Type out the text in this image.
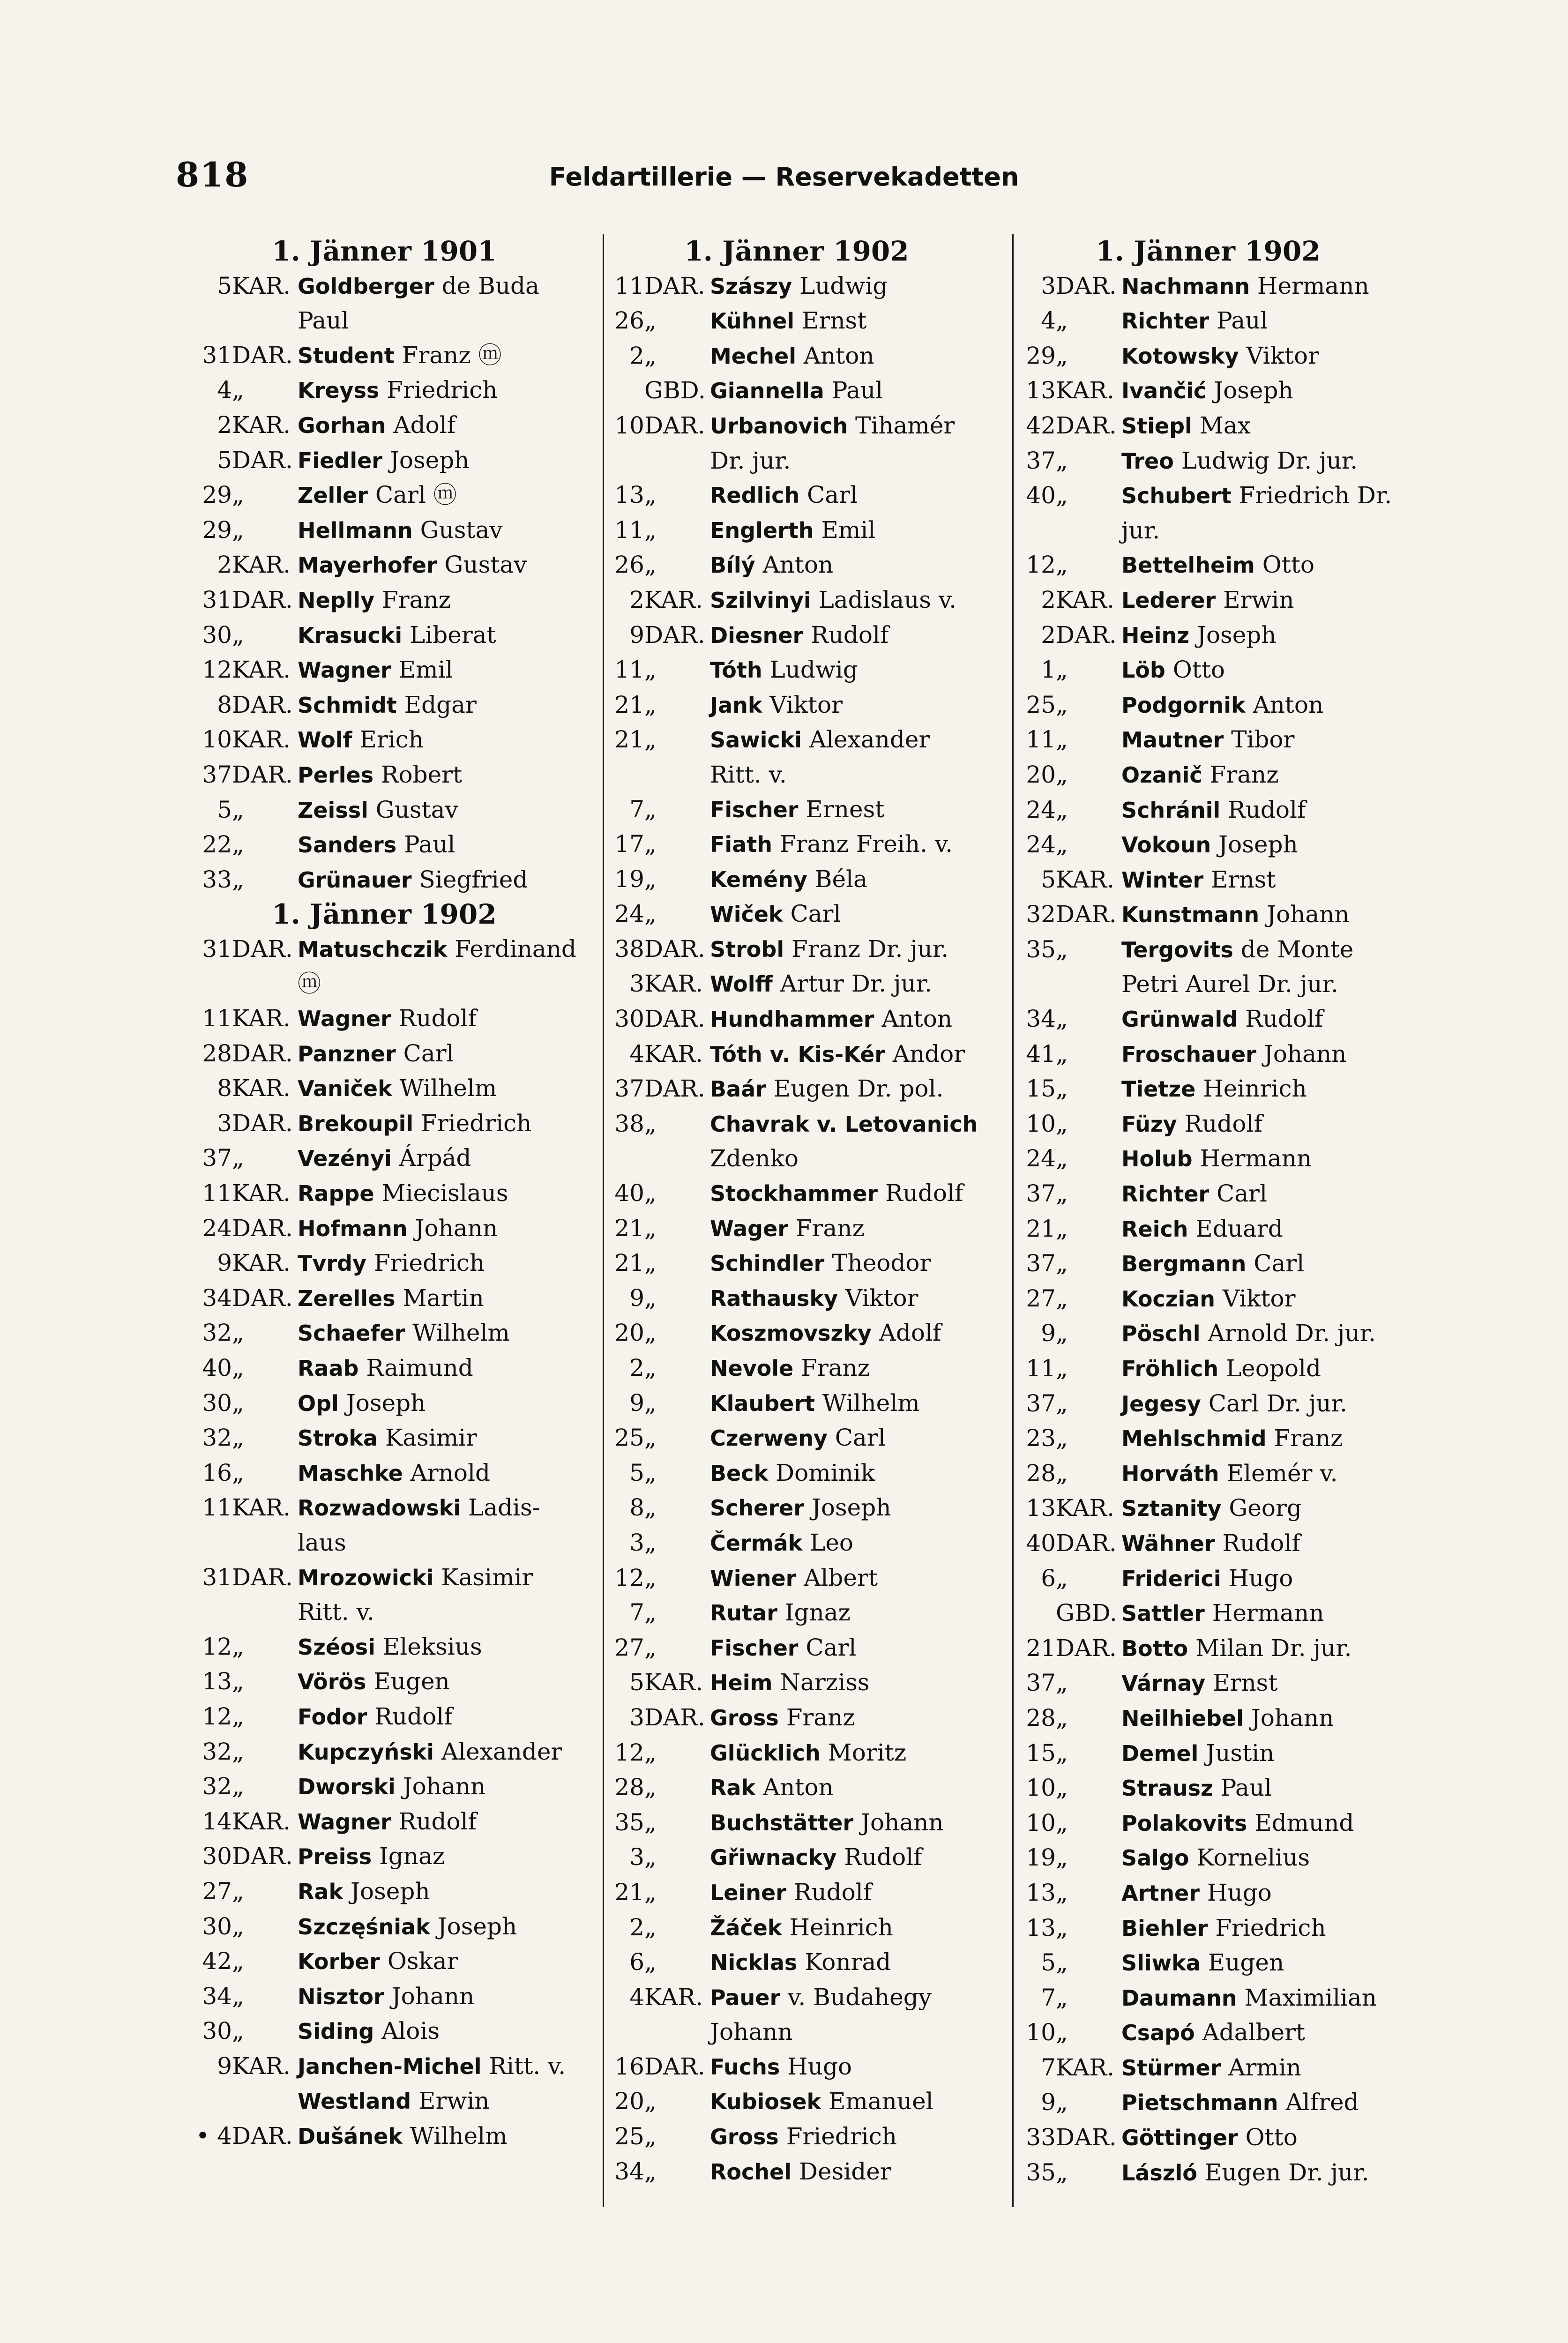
818	Feldartillerie — Reservekadetten
1. Jänner 1901
5 KAR. Goldberger de Buda
Paul
31 DAR. Student Franz ⓜ
4 „	Kreyss Friedrich
2 KAR. Gorhan Adolf
5 DAR. Fiedler Joseph
29 „	Zeller Carl ⓜ
29 „	Hellmann Gustav
2 KAR. Mayerhofer Gustav
31 DAR. Neplly Franz
30 „	Krasucki Liberat
12 KAR. Wagner Emil
8 DAR. Schmidt Edgar
10 KAR. Wolf Erich
37 DAR. Perles Robert
5 „	Zeissl Gustav
22 „	Sanders Paul
33 „	Grünauer Siegfried
1. Jänner 1902
31 DAR. Matuschczik Ferdinand
ⓜ
11 KAR. Wagner Rudolf
28 DAR. Panzner Carl
8 KAR. Vaniček Wilhelm
3 DAR. Brekoupil Friedrich
37 „	Vezényi Árpád
11 KAR. Rappe Miecislaus
24 DAR. Hofmann Johann
9 KAR. Tvrdy Friedrich
34 DAR. Zerelles Martin
32 „	Schaefer Wilhelm
40 „	Raab Raimund
30 „	Opl Joseph
32 „	Stroka Kasimir
16 „	Maschke Arnold
11 KAR. Rozwadowski Ladis-
laus
31 DAR. Mrozowicki Kasimir
Ritt. v.
12 „	Széosi Eleksius
13 „	Vörös Eugen
12 „	Fodor Rudolf
32 „	Kupczyński Alexander
32 „	Dworski Johann
14 KAR. Wagner Rudolf
30 DAR. Preiss Ignaz
27 „	Rak Joseph
30 „	Szczęśniak Joseph
42 „	Korber Oskar
34 „	Nisztor Johann
30 „	Siding Alois
9 KAR. Janchen-Michel Ritt. v.
Westland Erwin
• 4 DAR. Dušánek Wilhelm
1. Jänner 1902
11 DAR. Szászy Ludwig
26 „	Kühnel Ernst
2 „	Mechel Anton
GBD. Giannella Paul
10 DAR. Urbanovich Tihamér
Dr. jur.
13 „	Redlich Carl
11 „	Englerth Emil
26 „	Bílý Anton
2 KAR. Szilvinyi Ladislaus v.
9 DAR. Diesner Rudolf
11 „	Tóth Ludwig
21 „	Jank Viktor
21 „	Sawicki Alexander
Ritt. v.
7 „	Fischer Ernest
17 „	Fiath Franz Freih. v.
19 „	Kemény Béla
24 „	Wiček Carl
38 DAR. Strobl Franz Dr. jur.
3 KAR. Wolff Artur Dr. jur.
30 DAR. Hundhammer Anton
4 KAR. Tóth v. Kis-Kér Andor
37 DAR. Baár Eugen Dr. pol.
38 „	Chavrak v. Letovanich
Zdenko
40 „	Stockhammer Rudolf
21 „	Wager Franz
21 „	Schindler Theodor
9 „	Rathausky Viktor
20 „	Koszmovszky Adolf
2 „	Nevole Franz
9 „	Klaubert Wilhelm
25 „	Czerweny Carl
5 „	Beck Dominik
8 „	Scherer Joseph
3 „	Čermák Leo
12 „	Wiener Albert
7 „	Rutar Ignaz
27 „	Fischer Carl
5 KAR. Heim Narziss
3 DAR. Gross Franz
12 „	Glücklich Moritz
28 „	Rak Anton
35 „	Buchstätter Johann
3 „	Gřiwnacky Rudolf
21 „	Leiner Rudolf
2 „	Žáček Heinrich
6 „	Nicklas Konrad
4 KAR. Pauer v. Budahegy
Johann
16 DAR. Fuchs Hugo
20 „	Kubiosek Emanuel
25 „	Gross Friedrich
34 „	Rochel Desider
1. Jänner 1902
3 DAR. Nachmann Hermann
4 „	Richter Paul
29 „	Kotowsky Viktor
13 KAR. Ivančić Joseph
42 DAR. Stiepl Max
37 „	Treo Ludwig Dr. jur.
40 „	Schubert Friedrich Dr.
jur.
12 „	Bettelheim Otto
2 KAR. Lederer Erwin
2 DAR. Heinz Joseph
1 „	Löb Otto
25 „	Podgornik Anton
11 „	Mautner Tibor
20 „	Ozanič Franz
24 „	Schránil Rudolf
24 „	Vokoun Joseph
5 KAR. Winter Ernst
32 DAR. Kunstmann Johann
35 „	Tergovits de Monte
Petri Aurel Dr. jur.
34 „	Grünwald Rudolf
41 „	Froschauer Johann
15 „	Tietze Heinrich
10 „	Füzy Rudolf
24 „	Holub Hermann
37 „	Richter Carl
21 „	Reich Eduard
37 „	Bergmann Carl
27 „	Koczian Viktor
9 „	Pöschl Arnold Dr. jur.
11 „	Fröhlich Leopold
37 „	Jegesy Carl Dr. jur.
23 „	Mehlschmid Franz
28 „	Horváth Elemér v.
13 KAR. Sztanity Georg
40 DAR. Wähner Rudolf
6 „	Friderici Hugo
GBD. Sattler Hermann
21 DAR. Botto Milan Dr. jur.
37 „	Várnay Ernst
28 „	Neilhiebel Johann
15 „	Demel Justin
10 „	Strausz Paul
10 „	Polakovits Edmund
19 „	Salgo Kornelius
13 „	Artner Hugo
13 „	Biehler Friedrich
5 „	Sliwka Eugen
7 „	Daumann Maximilian
10 „	Csapó Adalbert
7 KAR. Stürmer Armin
9 „	Pietschmann Alfred
33 DAR. Göttinger Otto
35 „	László Eugen Dr. jur.
